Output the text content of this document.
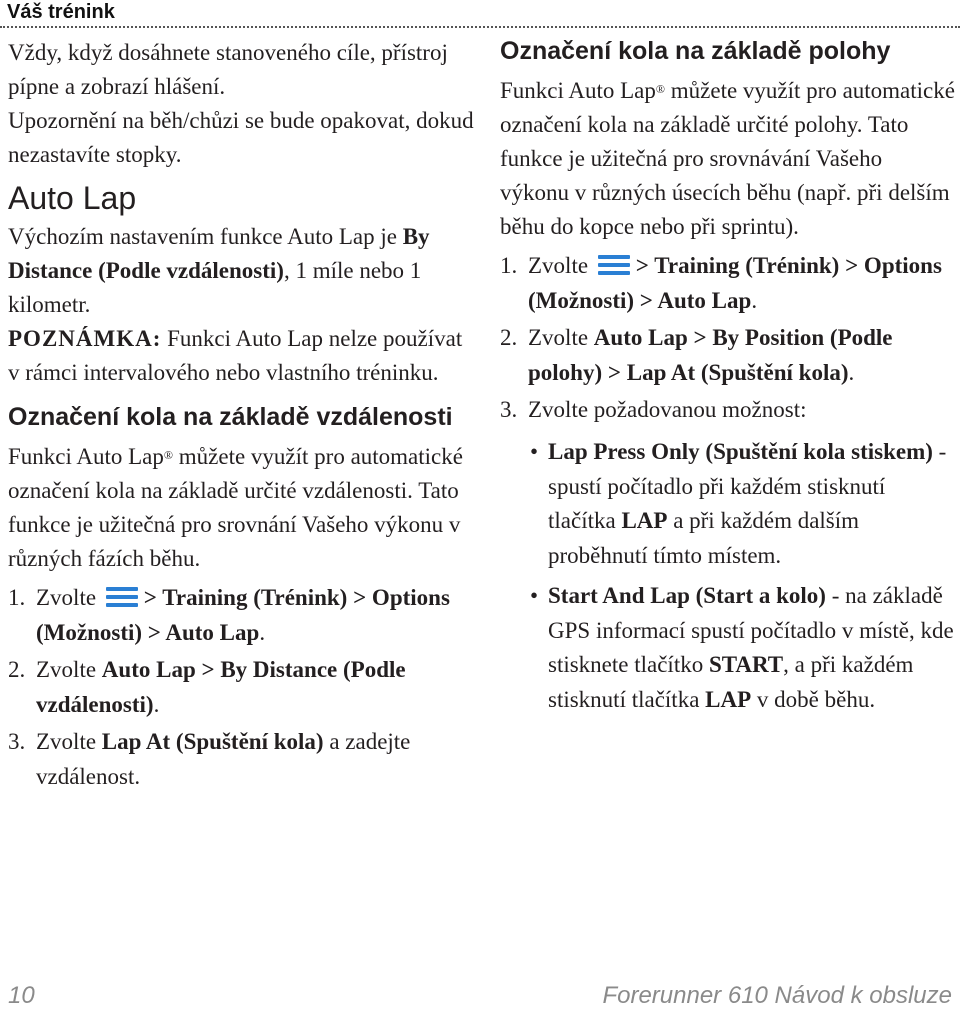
Váš trénink

Vždy, když dosáhnete stanoveného cíle, přístroj pípne a zobrazí hlášení.

Upozornění na běh/chůzi se bude opakovat, dokud nezastavíte stopky.

Auto Lap

Výchozím nastavením funkce Auto Lap je By Distance (Podle vzdálenosti), 1 míle nebo 1 kilometr.

POZNÁMKA: Funkci Auto Lap nelze používat v rámci intervalového nebo vlastního tréninku.

Označení kola na základě vzdálenosti

Funkci Auto Lap® můžete využít pro automatické označení kola na základě určité vzdálenosti. Tato funkce je užitečná pro srovnání Vašeho výkonu v různých fázích běhu.

1. Zvolte > Training (Trénink) > Options (Možnosti) > Auto Lap.
2. Zvolte Auto Lap > By Distance (Podle vzdálenosti).
3. Zvolte Lap At (Spuštění kola) a zadejte vzdálenost.
Označení kola na základě polohy

Funkci Auto Lap® můžete využít pro automatické označení kola na základě určité polohy. Tato funkce je užitečná pro srovnávání Vašeho výkonu v různých úsecích běhu (např. při delším běhu do kopce nebo při sprintu).

1. Zvolte > Training (Trénink) > Options (Možnosti) > Auto Lap.
2. Zvolte Auto Lap > By Position (Podle polohy) > Lap At (Spuštění kola).
3. Zvolte požadovanou možnost:
• Lap Press Only (Spuštění kola stiskem) - spustí počítadlo při každém stisknutí tlačítka LAP a při každém dalším proběhnutí tímto místem.
• Start And Lap (Start a kolo) - na základě GPS informací spustí počítadlo v místě, kde stisknete tlačítko START, a při každém stisknutí tlačítka LAP v době běhu.
10	Forerunner 610 Návod k obsluze
